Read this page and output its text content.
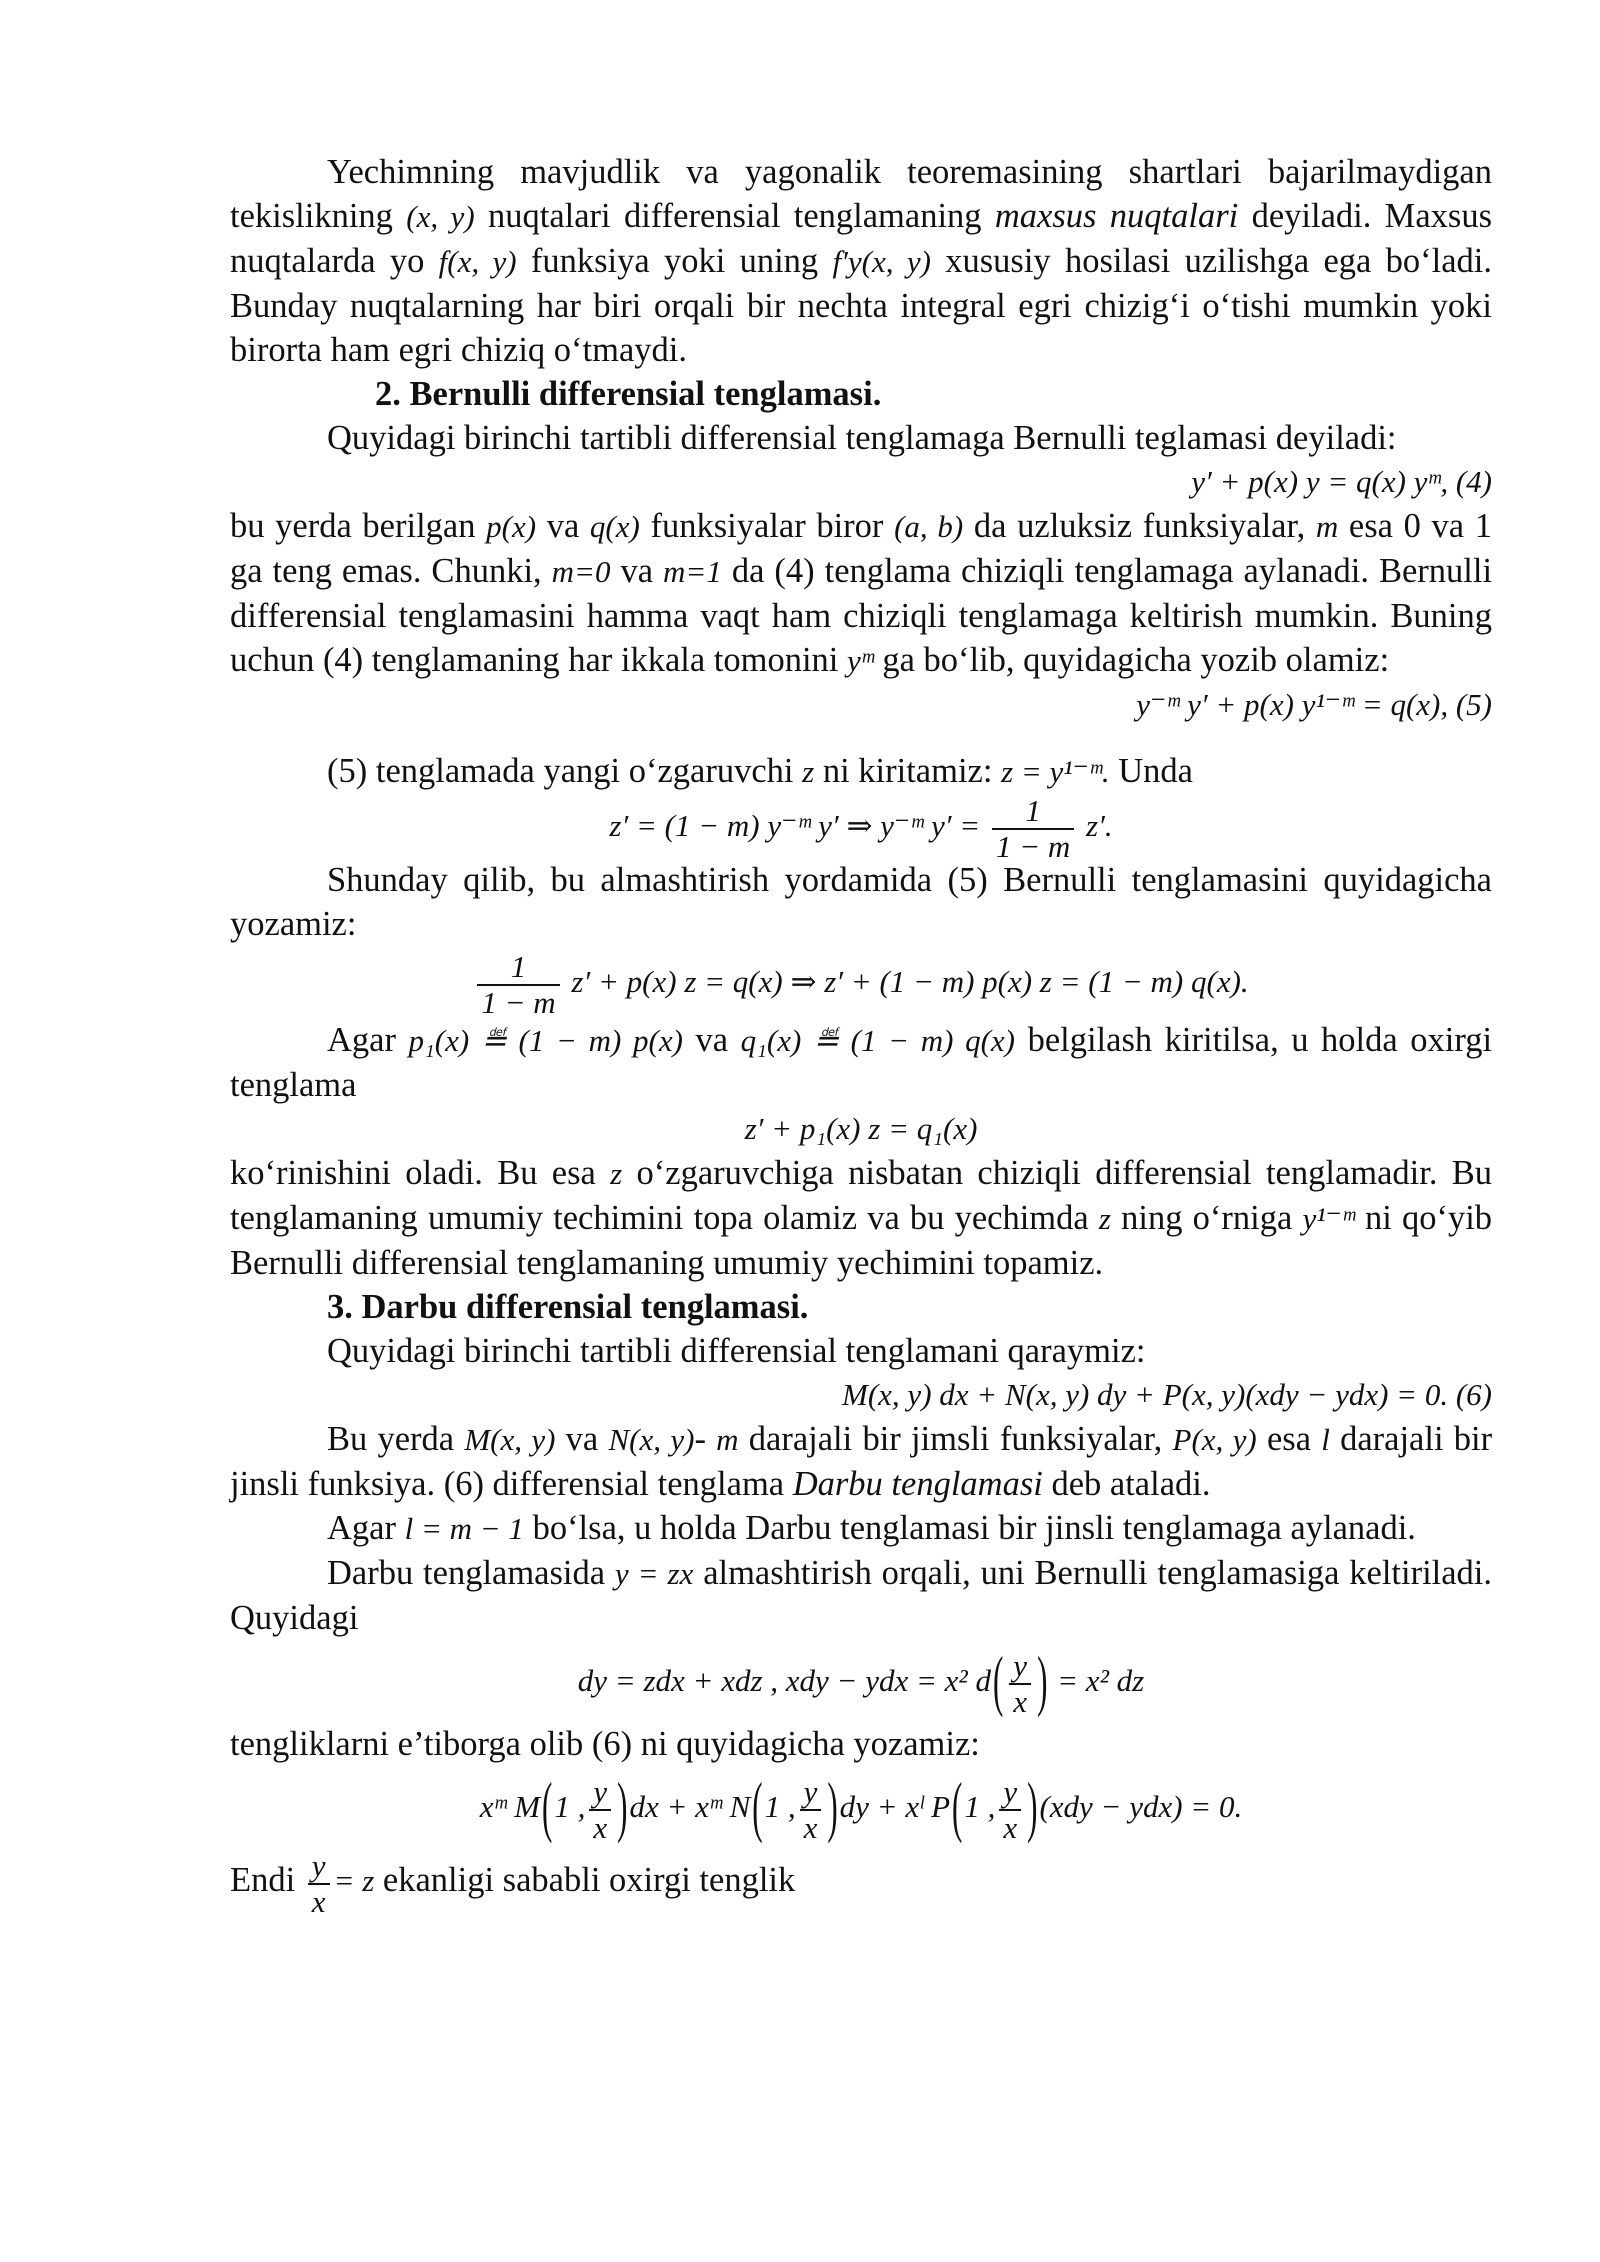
Yechimning mavjudlik va yagonalik teoremasining shartlari bajarilmaydigan tekislikning (x, y) nuqtalari differensial tenglamaning maxsus nuqtalari deyiladi. Maxsus nuqtalarda yo f(x, y) funksiya yoki uning f′y(x, y) xususiy hosilasi uzilishga ega bo‘ladi. Bunday nuqtalarning har biri orqali bir nechta integral egri chizig‘i o‘tishi mumkin yoki birorta ham egri chiziq o‘tmaydi.

2. Bernulli differensial tenglamasi.

Quyidagi birinchi tartibli differensial tenglamaga Bernulli teglamasi deyiladi:

y′ + p(x) y = q(x) yᵐ, (4)

bu yerda berilgan p(x) va q(x) funksiyalar biror (a, b) da uzluksiz funksiyalar, m esa 0 va 1 ga teng emas. Chunki, m=0 va m=1 da (4) tenglama chiziqli tenglamaga aylanadi. Bernulli differensial tenglamasini hamma vaqt ham chiziqli tenglamaga keltirish mumkin. Buning uchun (4) tenglamaning har ikkala tomonini yᵐ ga bo‘lib, quyidagicha yozib olamiz:

y⁻ᵐ y′ + p(x) y¹⁻ᵐ = q(x), (5)

(5) tenglamada yangi o‘zgaruvchi z ni kiritamiz: z = y¹⁻ᵐ. Unda

z′ = (1 − m) y⁻ᵐ y′ ⇒ y⁻ᵐ $y' = \frac{1}{1 - m} z'$.

Shunday qilib, bu almashtirish yordamida (5) Bernulli tenglamasini quyidagicha yozamiz:

$\frac{1}{1 - m} z' + p(x) z = q(x)$ ⇒ z′ + (1 − m) p(x) z = (1 − m) q(x).

Agar p₁(x) ≝ (1 − m) p(x) va q₁(x) ≝ (1 − m) q(x) belgilash kiritilsa, u holda oxirgi tenglama

z′ + p₁(x) z = q₁(x)

ko‘rinishini oladi. Bu esa z o‘zgaruvchiga nisbatan chiziqli differensial tenglamadir. Bu tenglamaning umumiy techimini topa olamiz va bu yechimda z ning o‘rniga y¹⁻ᵐ ni qo‘yib Bernulli differensial tenglamaning umumiy yechimini topamiz.

3. Darbu differensial tenglamasi.

Quyidagi birinchi tartibli differensial tenglamani qaraymiz:

M(x, y) dx + N(x, y) dy + P(x, y)(xdy − ydx) = 0. (6)

Bu yerda M(x, y) va N(x, y)- m darajali bir jimsli funksiyalar, P(x, y) esa l darajali bir jinsli funksiya. (6) differensial tenglama Darbu tenglamasi deb ataladi.

Agar l = m − 1 bo‘lsa, u holda Darbu tenglamasi bir jinsli tenglamaga aylanadi.

Darbu tenglamasida y = zx almashtirish orqali, uni Bernulli tenglamasiga keltiriladi. Quyidagi

dy = zdx + xdz , xdy − ydx = x² $d( \frac{y}{x}$ ) = x² dz

tengliklarni e’tiborga olib (6) ni quyidagicha yozamiz:

xᵐ M(1 , $\frac{y}{x} )dx$ + xᵐ N(1 , $\frac{y}{x} )dy$ + xˡ P(1 , $\frac{y}{x} )(xdy - ydx) = 0$.

Endi $\frac{y}{x} = z$ ekanligi sababli oxirgi tenglik
